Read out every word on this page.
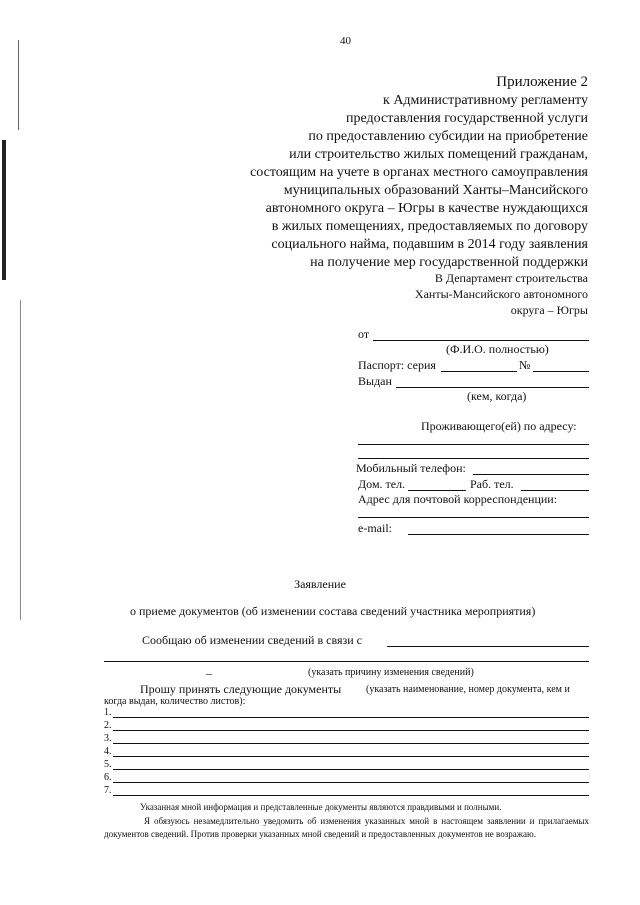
40
Приложение 2
к Административному регламенту
предоставления государственной услуги
по предоставлению субсидии на приобретение
или строительство жилых помещений гражданам,
состоящим на учете в органах местного самоуправления
муниципальных образований Ханты–Мансийского
автономного округа – Югры в качестве нуждающихся
в жилых помещениях, предоставляемых по договору
социального найма, подавшим в 2014 году заявления
на получение мер государственной поддержки
В Департамент строительства
Ханты-Мансийского автономного
округа – Югры
от
(Ф.И.О. полностью)
Паспорт: серия	№
Выдан
(кем, когда)
Проживающего(ей) по адресу:
Мобильный телефон:
Дом. тел.	Раб. тел.
Адрес для почтовой корреспонденции:
e-mail:
Заявление
о приеме документов (об изменении состава сведений участника мероприятия)
Сообщаю об изменении сведений в связи с
_	(указать причину изменения сведений)
Прошу принять следующие документы (указать наименование, номер документа, кем и
когда выдан, количество листов):
1.
2.
3.
4.
5.
6.
7.
Указанная мной информация и представленные документы являются правдивыми и полными.
Я обязуюсь незамедлительно уведомить об изменения указанных мной в настоящем заявлении и прилагаемых документов сведений. Против проверки указанных мной сведений и предоставленных документов не возражаю.
